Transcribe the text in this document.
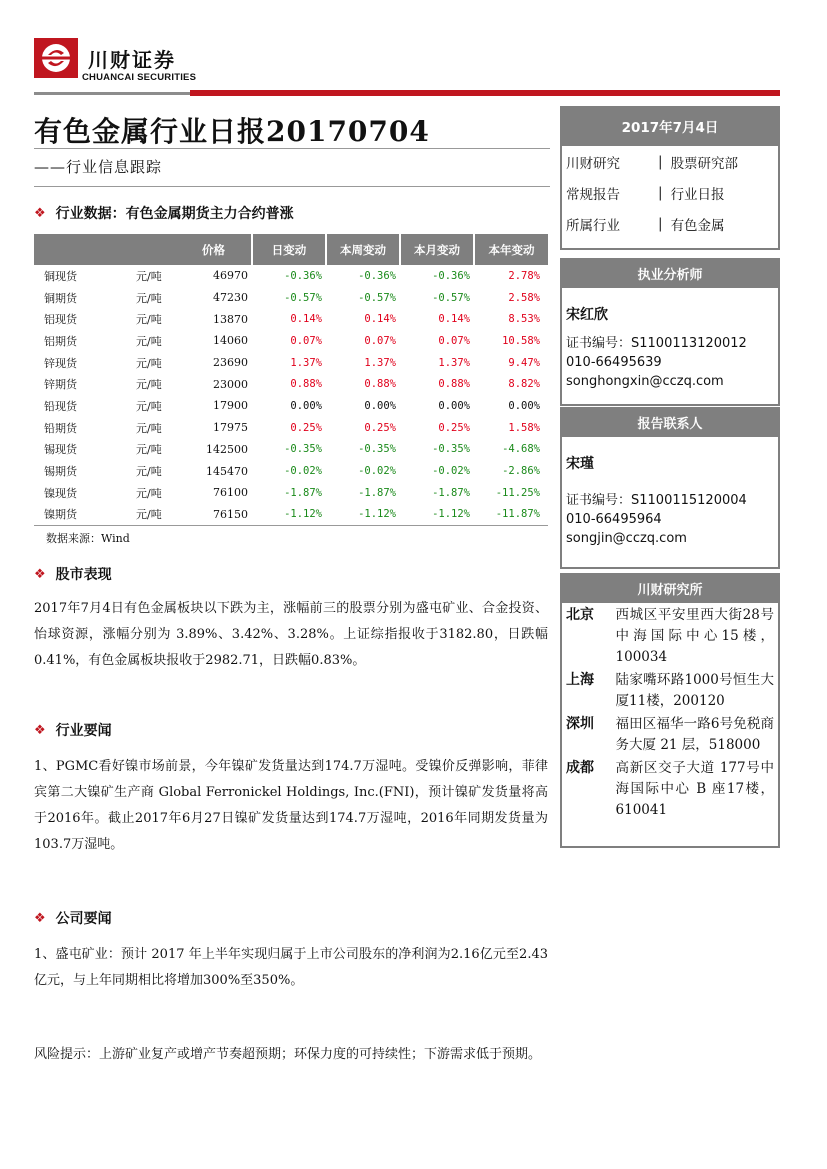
川财证券
CHUANCAI SECURITIES
有色金属行业日报20170704
——行业信息跟踪
❖ 行业数据：有色金属期货主力合约普涨
		价格	日变动	本周变动	本月变动	本年变动
铜现货	元/吨	46970	-0.36%	-0.36%	-0.36%	2.78%
铜期货	元/吨	47230	-0.57%	-0.57%	-0.57%	2.58%
铝现货	元/吨	13870	0.14%	0.14%	0.14%	8.53%
铝期货	元/吨	14060	0.07%	0.07%	0.07%	10.58%
锌现货	元/吨	23690	1.37%	1.37%	1.37%	9.47%
锌期货	元/吨	23000	0.88%	0.88%	0.88%	8.82%
铅现货	元/吨	17900	0.00%	0.00%	0.00%	0.00%
铅期货	元/吨	17975	0.25%	0.25%	0.25%	1.58%
锡现货	元/吨	142500	-0.35%	-0.35%	-0.35%	-4.68%
锡期货	元/吨	145470	-0.02%	-0.02%	-0.02%	-2.86%
镍现货	元/吨	76100	-1.87%	-1.87%	-1.87%	-11.25%
镍期货	元/吨	76150	-1.12%	-1.12%	-1.12%	-11.87%
数据来源：Wind
❖ 股市表现
2017年7月4日有色金属板块以下跌为主，涨幅前三的股票分别为盛屯矿业、合金投资、怡球资源，涨幅分别为 3.89%、3.42%、3.28%。上证综指报收于3182.80，日跌幅0.41%，有色金属板块报收于2982.71，日跌幅0.83%。
❖ 行业要闻
1、PGMC看好镍市场前景，今年镍矿发货量达到174.7万湿吨。受镍价反弹影响，菲律宾第二大镍矿生产商 Global Ferronickel Holdings, Inc.(FNI)，预计镍矿发货量将高于2016年。截止2017年6月27日镍矿发货量达到174.7万湿吨，2016年同期发货量为103.7万湿吨。
❖ 公司要闻
1、盛屯矿业：预计 2017 年上半年实现归属于上市公司股东的净利润为2.16亿元至2.43亿元，与上年同期相比将增加300%至350%。
风险提示：上游矿业复产或增产节奏超预期；环保力度的可持续性；下游需求低于预期。
2017年7月4日
川财研究	| 股票研究部
常规报告	| 行业日报
所属行业	| 有色金属
执业分析师
宋红欣
证书编号：S1100113120012
010-66495639
songhongxin@cczq.com
报告联系人
宋瑾
证书编号：S1100115120004
010-66495964
songjin@cczq.com
川财研究所
北京	西城区平安里西大街28号中海国际中心15楼，100034
上海	陆家嘴环路1000号恒生大厦11楼，200120
深圳	福田区福华一路6号免税商务大厦 21 层，518000
成都	高新区交子大道 177号中海国际中心 B 座17楼，610041
